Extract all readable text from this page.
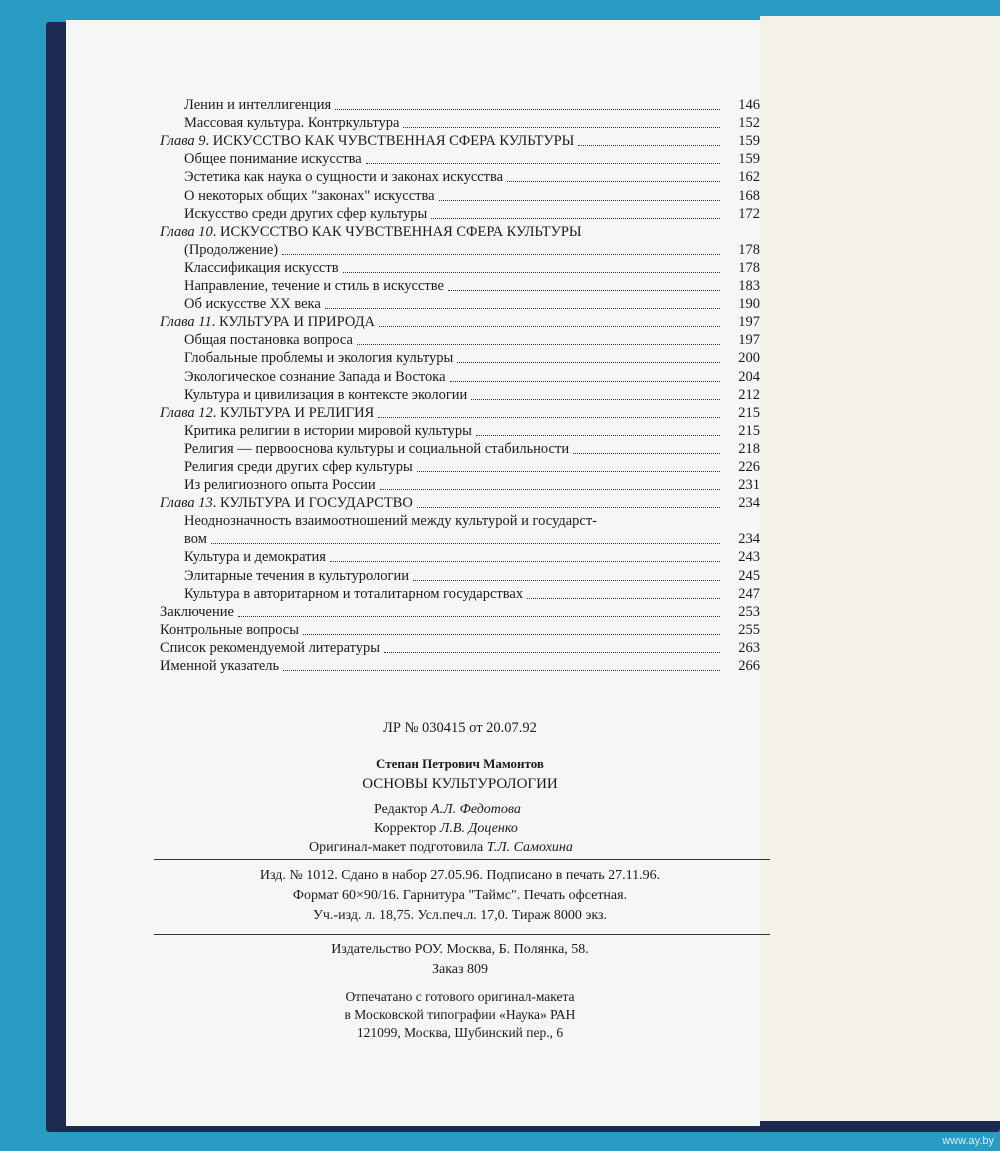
Ленин и интеллигенция	146
Массовая культура. Контркультура	152
Глава 9. ИСКУССТВО КАК ЧУВСТВЕННАЯ СФЕРА КУЛЬТУРЫ	159
Общее понимание искусства	159
Эстетика как наука о сущности и законах искусства	162
О некоторых общих "законах" искусства	168
Искусство среди других сфер культуры	172
Глава 10. ИСКУССТВО КАК ЧУВСТВЕННАЯ СФЕРА КУЛЬТУРЫ
(Продолжение)	178
Классификация искусств	178
Направление, течение и стиль в искусстве	183
Об искусстве XX века	190
Глава 11. КУЛЬТУРА И ПРИРОДА	197
Общая постановка вопроса	197
Глобальные проблемы и экология культуры	200
Экологическое сознание Запада и Востока	204
Культура и цивилизация в контексте экологии	212
Глава 12. КУЛЬТУРА И РЕЛИГИЯ	215
Критика религии в истории мировой культуры	215
Религия — первооснова культуры и социальной стабильности	218
Религия среди других сфер культуры	226
Из религиозного опыта России	231
Глава 13. КУЛЬТУРА И ГОСУДАРСТВО	234
Неоднозначность взаимоотношений между культурой и государст-
вом	234
Культура и демократия	243
Элитарные течения в культурологии	245
Культура в авторитарном и тоталитарном государствах	247
Заключение	253
Контрольные вопросы	255
Список рекомендуемой литературы	263
Именной указатель	266
ЛР № 030415 от 20.07.92
Степан Петрович Мамонтов
ОСНОВЫ КУЛЬТУРОЛОГИИ
Редактор А.Л. Федотова
Корректор Л.В. Доценко
Оригинал-макет подготовила Т.Л. Самохина

Изд. № 1012. Сдано в набор 27.05.96. Подписано в печать 27.11.96.

Формат 60×90/16. Гарнитура "Таймс". Печать офсетная.

Уч.-изд. л. 18,75. Усл.печ.л. 17,0. Тираж 8000 экз.

Издательство РОУ. Москва, Б. Полянка, 58.
Заказ 809

Отпечатано с готового оригинал-макета

в Московской типографии «Наука» РАН

121099, Москва, Шубинский пер., 6

www.ay.by
